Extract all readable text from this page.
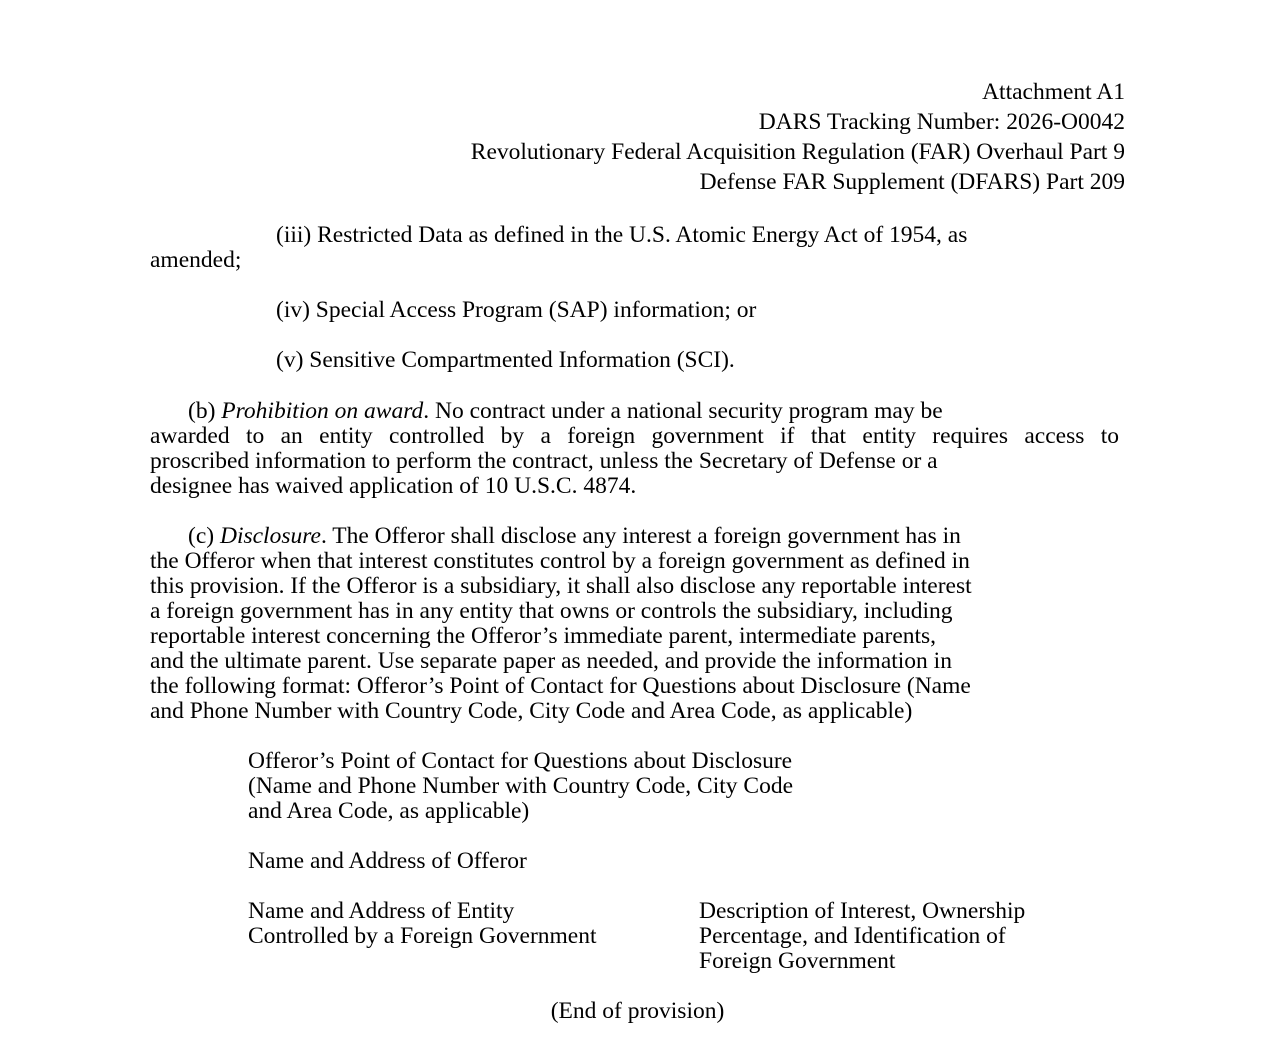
Attachment A1
DARS Tracking Number: 2026-O0042
Revolutionary Federal Acquisition Regulation (FAR) Overhaul Part 9
Defense FAR Supplement (DFARS) Part 209
(iii) Restricted Data as defined in the U.S. Atomic Energy Act of 1954, as
amended;
(iv) Special Access Program (SAP) information; or
(v) Sensitive Compartmented Information (SCI).
(b) Prohibition on award. No contract under a national security program may be
awarded to an entity controlled by a foreign government if that entity requires access to
proscribed information to perform the contract, unless the Secretary of Defense or a
designee has waived application of 10 U.S.C. 4874.
(c) Disclosure. The Offeror shall disclose any interest a foreign government has in
the Offeror when that interest constitutes control by a foreign government as defined in
this provision. If the Offeror is a subsidiary, it shall also disclose any reportable interest
a foreign government has in any entity that owns or controls the subsidiary, including
reportable interest concerning the Offeror’s immediate parent, intermediate parents,
and the ultimate parent. Use separate paper as needed, and provide the information in
the following format: Offeror’s Point of Contact for Questions about Disclosure (Name
and Phone Number with Country Code, City Code and Area Code, as applicable)
Offeror’s Point of Contact for Questions about Disclosure
(Name and Phone Number with Country Code, City Code
and Area Code, as applicable)
Name and Address of Offeror
Name and Address of Entity
Controlled by a Foreign Government
Description of Interest, Ownership
Percentage, and Identification of
Foreign Government
(End of provision)
